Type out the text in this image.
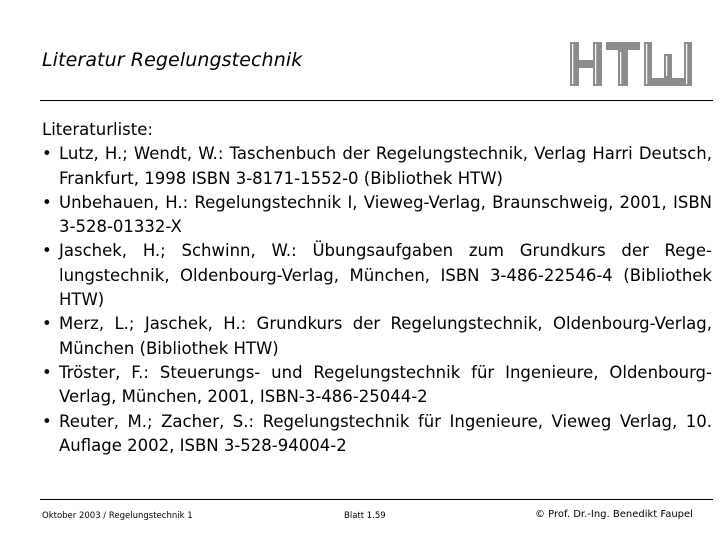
Literatur Regelungstechnik
Literaturliste:
• Lutz, H.; Wendt, W.: Taschenbuch der Regelungstechnik, Verlag Harri Deutsch, Frankfurt, 1998 ISBN 3-8171-1552-0 (Bibliothek HTW)
• Unbehauen, H.: Regelungstechnik I, Vieweg-Verlag, Braunschweig, 2001, ISBN 3-528-01332-X
• Jaschek, H.; Schwinn, W.: Übungsaufgaben zum Grundkurs der Rege-lungstechnik, Oldenbourg-Verlag, München, ISBN 3-486-22546-4 (Bibliothek HTW)
• Merz, L.; Jaschek, H.: Grundkurs der Regelungstechnik, Oldenbourg-Verlag, München (Bibliothek HTW)
• Tröster, F.: Steuerungs- und Regelungstechnik für Ingenieure, Oldenbourg-Verlag, München, 2001, ISBN-3-486-25044-2
• Reuter, M.; Zacher, S.: Regelungstechnik für Ingenieure, Vieweg Verlag, 10. Auflage 2002, ISBN 3-528-94004-2
Oktober 2003 / Regelungstechnik 1	Blatt 1.59	© Prof. Dr.-Ing. Benedikt Faupel
